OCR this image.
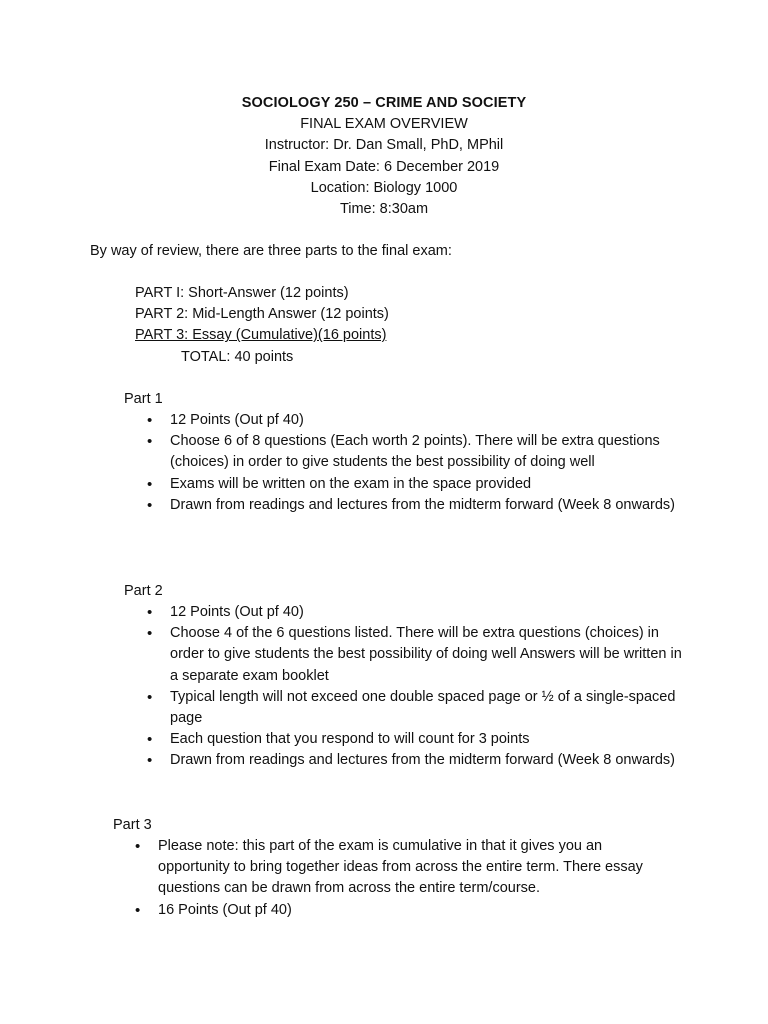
SOCIOLOGY 250 – CRIME AND SOCIETY
FINAL EXAM OVERVIEW
Instructor: Dr. Dan Small, PhD, MPhil
Final Exam Date: 6 December 2019
Location: Biology 1000
Time: 8:30am
By way of review, there are three parts to the final exam:
PART I: Short-Answer (12 points)
PART 2: Mid-Length Answer (12 points)
PART 3: Essay (Cumulative)(16 points)
TOTAL: 40 points
Part 1
• 12 Points (Out pf 40)
• Choose 6 of 8 questions (Each worth 2 points). There will be extra questions (choices) in order to give students the best possibility of doing well
• Exams will be written on the exam in the space provided
• Drawn from readings and lectures from the midterm forward (Week 8 onwards)
Part 2
• 12 Points (Out pf 40)
• Choose 4 of the 6 questions listed. There will be extra questions (choices) in order to give students the best possibility of doing well Answers will be written in a separate exam booklet
• Typical length will not exceed one double spaced page or ½ of a single-spaced page
• Each question that you respond to will count for 3 points
• Drawn from readings and lectures from the midterm forward (Week 8 onwards)
Part 3
• Please note: this part of the exam is cumulative in that it gives you an opportunity to bring together ideas from across the entire term. There essay questions can be drawn from across the entire term/course.
• 16 Points (Out pf 40)
